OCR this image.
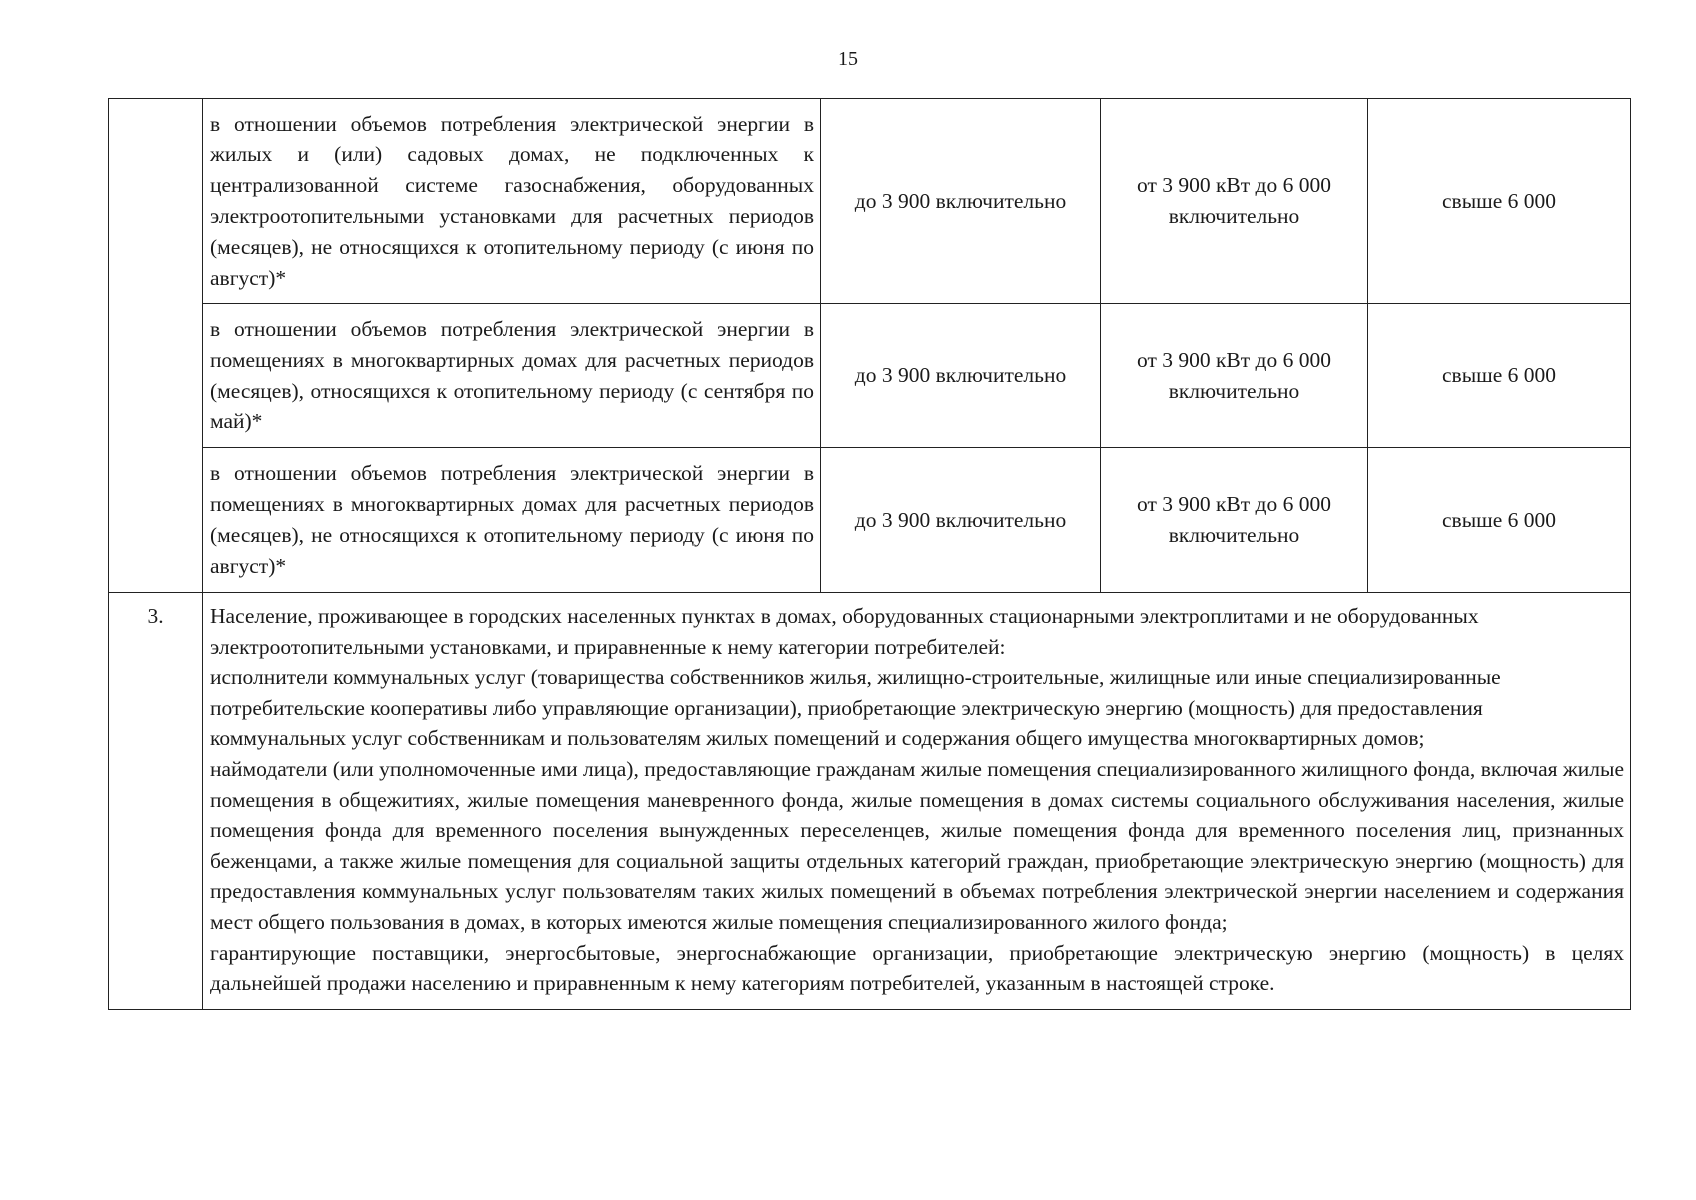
15
	в отношении объемов потребления электрической энергии в жилых и (или) садовых домах, не подключенных к централизованной системе газоснабжения, оборудованных электроотопительными установками для расчетных периодов (месяцев), не относящихся к отопительному периоду (с июня по август)*	до 3 900 включительно	от 3 900 кВт до 6 000 включительно	свыше 6 000
	в отношении объемов потребления электрической энергии в помещениях в многоквартирных домах для расчетных периодов (месяцев), относящихся к отопительному периоду (с сентября по май)*	до 3 900 включительно	от 3 900 кВт до 6 000 включительно	свыше 6 000
	в отношении объемов потребления электрической энергии в помещениях в многоквартирных домах для расчетных периодов (месяцев), не относящихся к отопительному периоду (с июня по август)*	до 3 900 включительно	от 3 900 кВт до 6 000 включительно	свыше 6 000
3.	Население, проживающее в городских населенных пунктах в домах, оборудованных стационарными электроплитами и не оборудованных электроотопительными установками, и приравненные к нему категории потребителей:
исполнители коммунальных услуг (товарищества собственников жилья, жилищно-строительные, жилищные или иные специализированные потребительские кооперативы либо управляющие организации), приобретающие электрическую энергию (мощность) для предоставления коммунальных услуг собственникам и пользователям жилых помещений и содержания общего имущества многоквартирных домов;
наймодатели (или уполномоченные ими лица), предоставляющие гражданам жилые помещения специализированного жилищного фонда, включая жилые помещения в общежитиях, жилые помещения маневренного фонда, жилые помещения в домах системы социального обслуживания населения, жилые помещения фонда для временного поселения вынужденных переселенцев, жилые помещения фонда для временного поселения лиц, признанных беженцами, а также жилые помещения для социальной защиты отдельных категорий граждан, приобретающие электрическую энергию (мощность) для предоставления коммунальных услуг пользователям таких жилых помещений в объемах потребления электрической энергии населением и содержания мест общего пользования в домах, в которых имеются жилые помещения специализированного жилого фонда;
гарантирующие поставщики, энергосбытовые, энергоснабжающие организации, приобретающие электрическую энергию (мощность) в целях дальнейшей продажи населению и приравненным к нему категориям потребителей, указанным в настоящей строке.			
